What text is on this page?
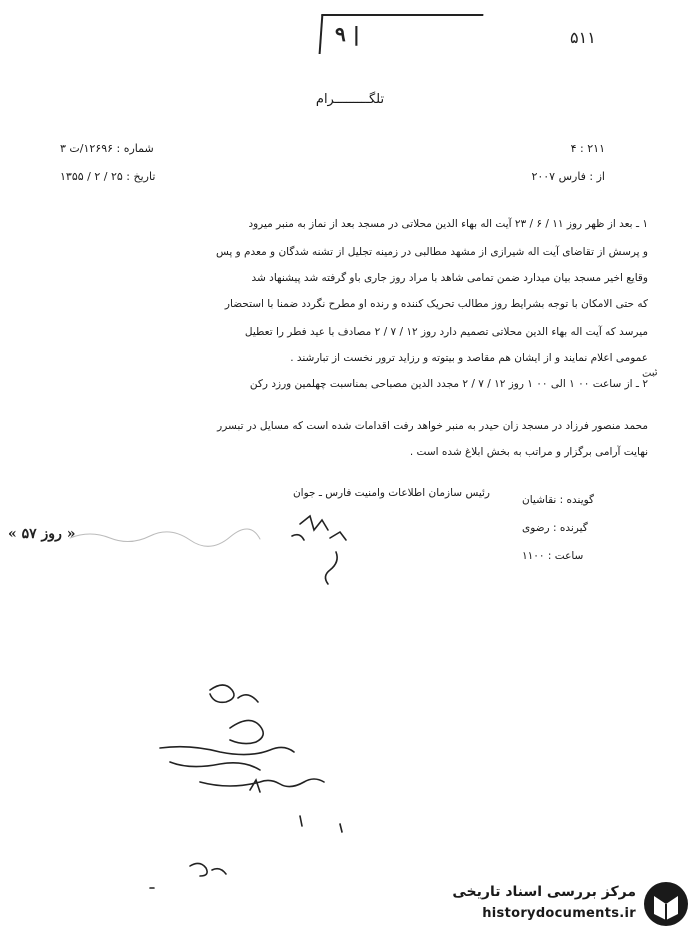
۹ |	۵۱۱
تلگـــــــــرام
شماره : ۱۲۶۹۶/ت ۳
تاریخ : ۲۵ / ۲ / ۱۳۵۵
۴ : ۲۱۱
از : فارس ۲۰۰۷
۱ ـ بعد از ظهر روز ۱۱ / ۶ / ۲۳ آیت اله بهاء الدین محلاتی در مسجد بعد از نماز به منبر میرود
و پرسش از تقاضای آیت اله شیرازی از مشهد مطالبی در زمینه تجلیل از تشنه شدگان و معدم و پس
وقایع اخیر مسجد بیان میدارد ضمن تمامی شاهد با مراد روز جاری باو گرفته شد پیشنهاد شد
که حتی الامکان با توجه بشرایط روز مطالب تحریک کننده و رنده او مطرح نگردد ضمنا با استحضار
میرسد که آیت اله بهاء الدین محلاتی تصمیم دارد روز ۱۲ / ۷ / ۲ مصادف با عید فطر را تعطیل
عمومی اعلام نمایند و از ایشان هم مقاصد و بیتوته و رزاید ترور نخست از تبارشند .
۲ ـ از ساعت ۰۰ ۱ الی ۰۰ ۱ روز ۱۲ / ۷ / ۲ مجدد الدین مصباحی بمناسبت چهلمین ورزد رکن
محمد منصور فرزاد در مسجد زان حیدر به منبر خواهد رفت اقدامات شده است که مسایل در تبسرر
نهایت آرامی برگزار و مراتب به بخش ابلاغ شده است .
ثبت
رئیس سازمان اطلاعات وامنیت فارس ـ جوان
گوینده : نقاشیان
گیرنده : رضوی
ساعت : ۱۱۰۰
« روز ۵۷ »
مرکز بررسی اسناد تاریخی
historydocuments.ir
